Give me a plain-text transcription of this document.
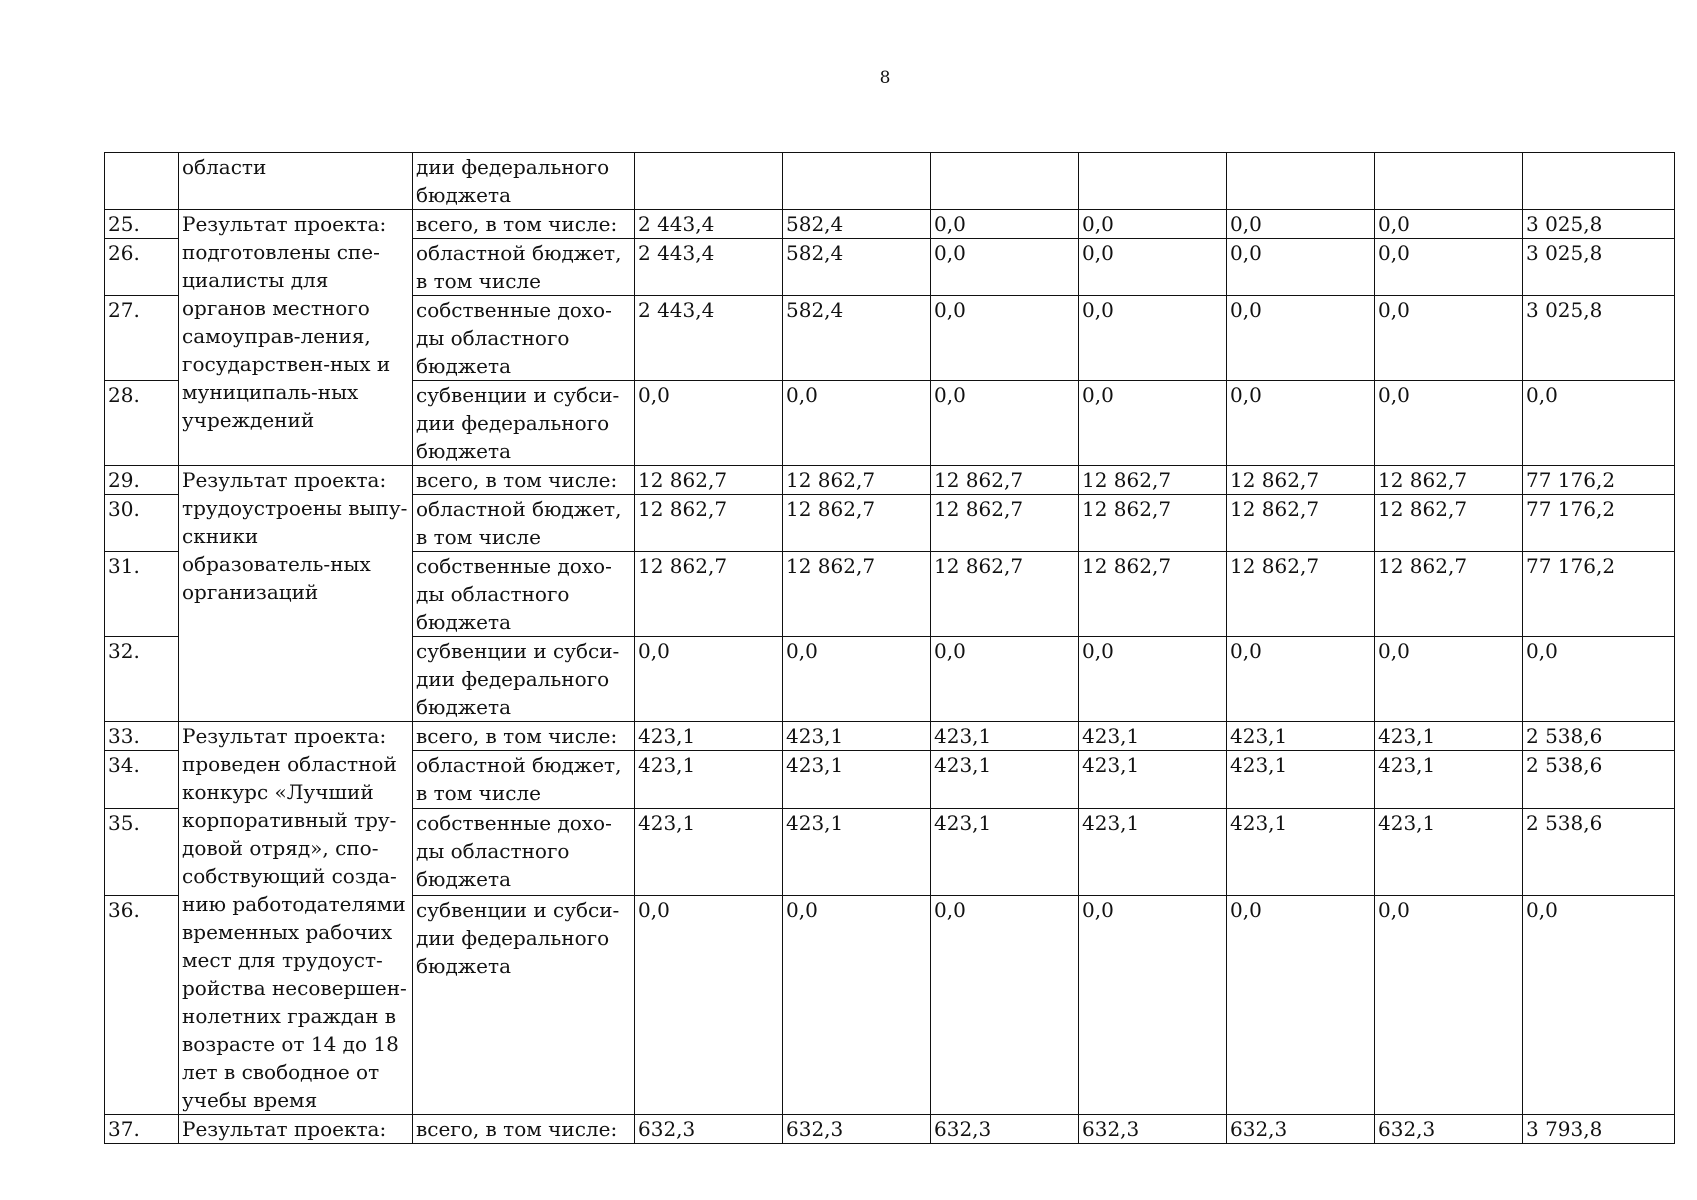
8
	области	дии федерального бюджета							
25.	Результат проекта: подготовлены спе-циалисты для органов местного самоуправ-ления, государствен-ных и муниципаль-ных учреждений	всего, в том числе:	2 443,4	582,4	0,0	0,0	0,0	0,0	3 025,8
26.		областной бюджет, в том числе	2 443,4	582,4	0,0	0,0	0,0	0,0	3 025,8
27.		собственные дохо-ды областного бюджета	2 443,4	582,4	0,0	0,0	0,0	0,0	3 025,8
28.		субвенции и субси-дии федерального бюджета	0,0	0,0	0,0	0,0	0,0	0,0	0,0
29.	Результат проекта: трудоустроены выпу-скники образователь-ных организаций	всего, в том числе:	12 862,7	12 862,7	12 862,7	12 862,7	12 862,7	12 862,7	77 176,2
30.		областной бюджет, в том числе	12 862,7	12 862,7	12 862,7	12 862,7	12 862,7	12 862,7	77 176,2
31.		собственные дохо-ды областного бюджета	12 862,7	12 862,7	12 862,7	12 862,7	12 862,7	12 862,7	77 176,2
32.		субвенции и субси-дии федерального бюджета	0,0	0,0	0,0	0,0	0,0	0,0	0,0
33.	Результат проекта: проведен областной конкурс «Лучший корпоративный тру-довой отряд», спо-собствующий созда-нию работодателями временных рабочих мест для трудоуст-ройства несовершен-нолетних граждан в возрасте от 14 до 18 лет в свободное от учебы время	всего, в том числе:	423,1	423,1	423,1	423,1	423,1	423,1	2 538,6
34.		областной бюджет, в том числе	423,1	423,1	423,1	423,1	423,1	423,1	2 538,6
35.		собственные дохо-ды областного бюджета	423,1	423,1	423,1	423,1	423,1	423,1	2 538,6
36.		субвенции и субси-дии федерального бюджета	0,0	0,0	0,0	0,0	0,0	0,0	0,0
37.	Результат проекта:	всего, в том числе:	632,3	632,3	632,3	632,3	632,3	632,3	3 793,8
